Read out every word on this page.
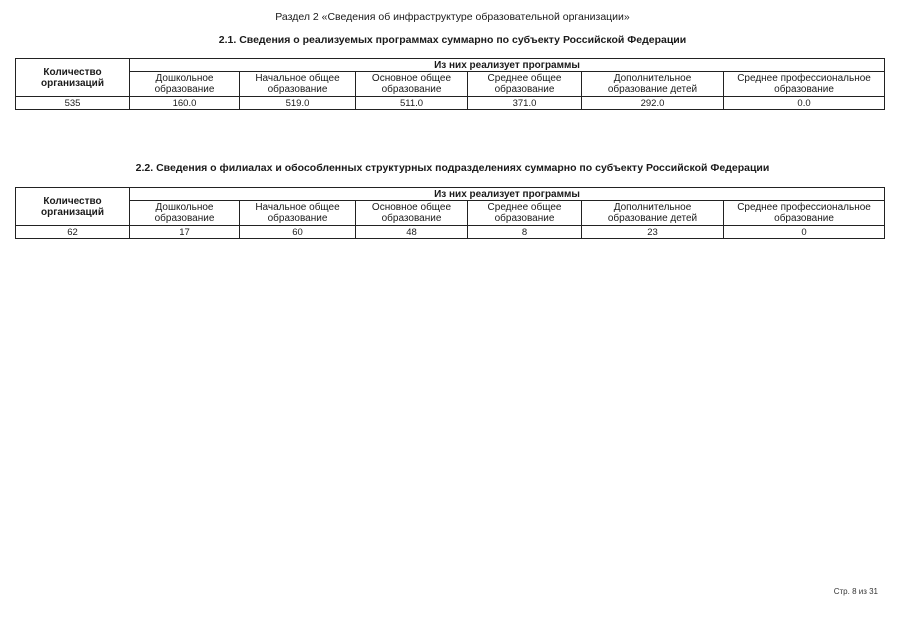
Раздел 2 «Сведения об инфраструктуре образовательной организации»
2.1. Сведения о реализуемых программах суммарно по субъекту Российской Федерации
Количество организаций	Из них реализует программы					
	Дошкольное образование	Начальное общее образование	Основное общее образование	Среднее общее образование	Дополнительное образование детей	Среднее профессиональное образование
535	160.0	519.0	511.0	371.0	292.0	0.0
2.2. Сведения о филиалах и обособленных структурных подразделениях суммарно по субъекту Российской Федерации
Количество организаций	Из них реализует программы					
	Дошкольное образование	Начальное общее образование	Основное общее образование	Среднее общее образование	Дополнительное образование детей	Среднее профессиональное образование
62	17	60	48	8	23	0
Стр. 8 из 31
